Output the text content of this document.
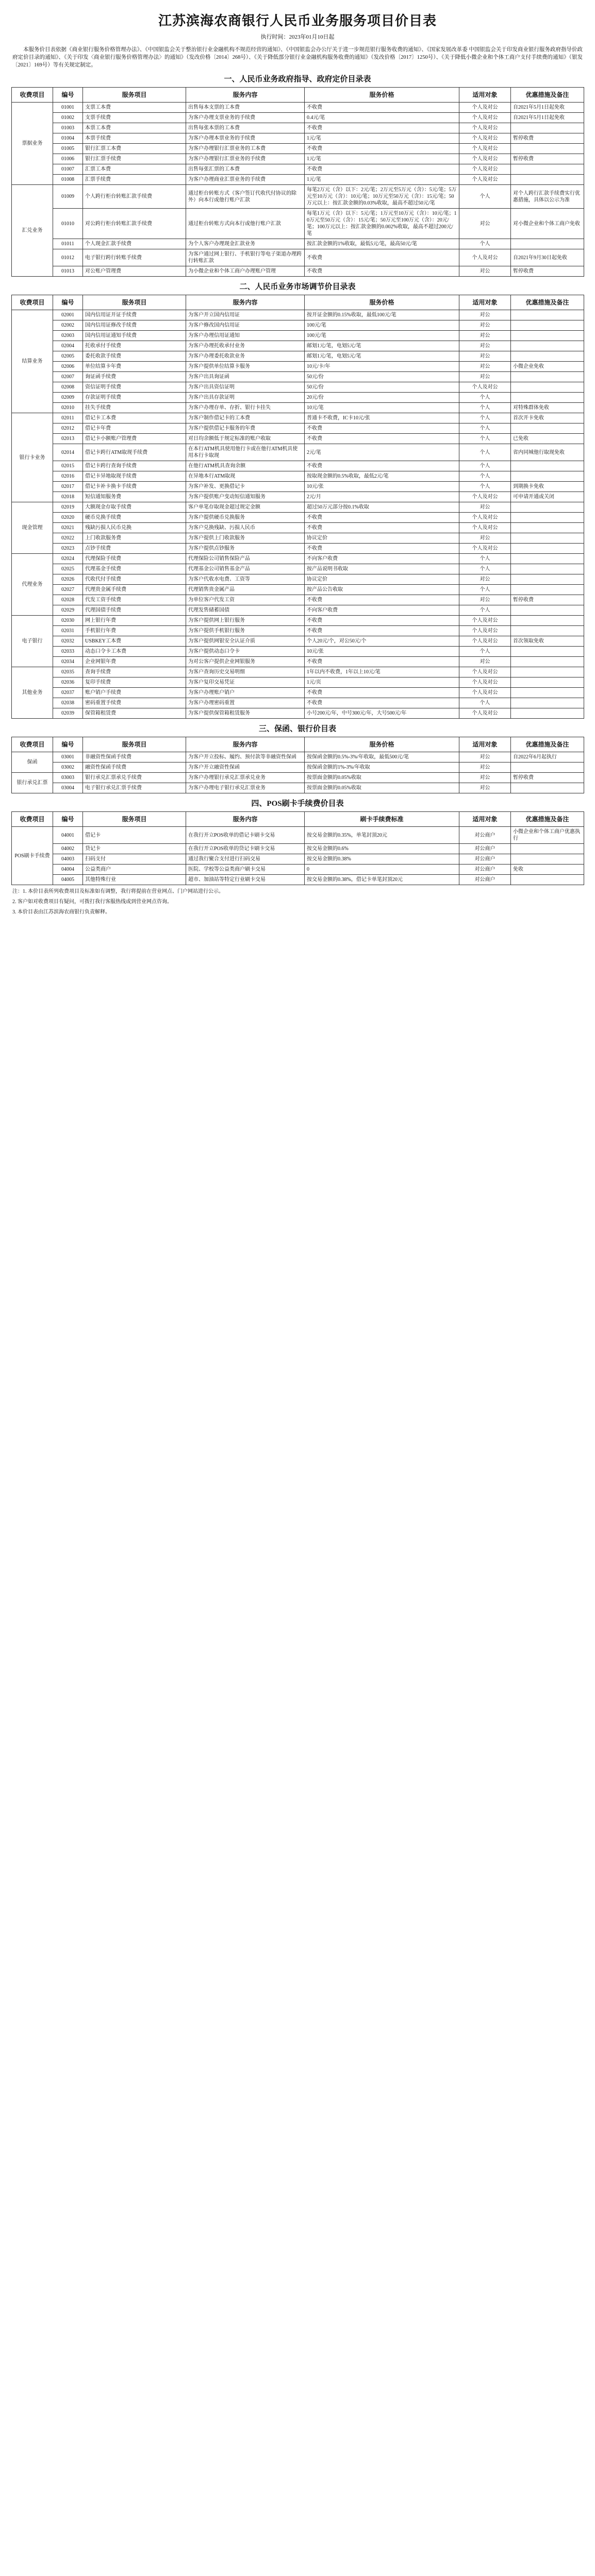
江苏滨海农商银行人民币业务服务项目价目表
执行时间：2023年01月10日起
本服务价目表依据《商业银行服务价格管理办法》、《中国银监会关于整治银行业金融机构不规范经营的通知》、《中国银监会办公厅关于进一步规范银行服务收费的通知》、《国家发展改革委 中国银监会关于印发商业银行服务政府指导价政府定价目录的通知》、《关于印发〈商业银行服务价格管理办法〉的通知》（发改价格〔2014〕268号）、《关于降低部分银行业金融机构服务收费的通知》（发改价格〔2017〕1250号）、《关于降低小微企业和个体工商户支付手续费的通知》（银发〔2021〕169号）等有关规定制定。
一、人民币业务政府指导、政府定价目录表
收费项目	编号	服务项目	服务内容	服务价格	适用对象	优惠措施及备注
票据业务	01001	支票工本费	出售每本支票的工本费	不收费	个人及对公	自2021年5月1日起免收
	01002	支票手续费	为客户办理支票业务的手续费	0.4元/笔	个人及对公	自2021年5月1日起免收
	01003	本票工本费	出售每张本票的工本费	不收费	个人及对公	
	01004	本票手续费	为客户办理本票业务的手续费	1元/笔	个人及对公	暂停收费
	01005	银行汇票工本费	为客户办理银行汇票业务的工本费	不收费	个人及对公	
	01006	银行汇票手续费	为客户办理银行汇票业务的手续费	1元/笔	个人及对公	暂停收费
	01007	汇票工本费	出售每张汇票的工本费	不收费	个人及对公	
	01008	汇票手续费	为客户办理商业汇票业务的手续费	1元/笔	个人及对公	
汇兑业务	01009	个人跨行柜台转账汇款手续费	通过柜台转账方式（客户签订代收代付协议的除外）向本行或他行账户汇款	每笔2万元（含）以下：2元/笔；2万元至5万元（含）：5元/笔；5万元至10万元（含）：10元/笔；10万元至50万元（含）：15元/笔；50万元以上：按汇款金额的0.03%收取，最高不超过50元/笔	个人	对个人跨行汇款手续费实行优惠措施，具体以公示为准
	01010	对公跨行柜台转账汇款手续费	通过柜台转账方式向本行或他行账户汇款	每笔1万元（含）以下：5元/笔；1万元至10万元（含）：10元/笔；10万元至50万元（含）：15元/笔；50万元至100万元（含）：20元/笔；100万元以上：按汇款金额的0.002%收取，最高不超过200元/笔	对公	对小微企业和个体工商户免收
	01011	个人现金汇款手续费	为个人客户办理现金汇款业务	按汇款金额的1%收取，最低5元/笔，最高50元/笔	个人	
	01012	电子银行跨行转账手续费	为客户通过网上银行、手机银行等电子渠道办理跨行转账汇款	不收费	个人及对公	自2021年9月30日起免收
	01013	对公账户管理费	为小微企业和个体工商户办理账户管理	不收费	对公	暂停收费
二、人民币业务市场调节价目录表
收费项目	编号	服务项目	服务内容	服务价格	适用对象	优惠措施及备注
结算业务	02001	国内信用证开证手续费	为客户开立国内信用证	按开证金额的0.15%收取，最低100元/笔	对公	
	02002	国内信用证修改手续费	为客户修改国内信用证	100元/笔	对公	
	02003	国内信用证通知手续费	为客户办理信用证通知	100元/笔	对公	
	02004	托收承付手续费	为客户办理托收承付业务	邮划1元/笔，电划5元/笔	对公	
	02005	委托收款手续费	为客户办理委托收款业务	邮划1元/笔，电划5元/笔	对公	
	02006	单位结算卡年费	为客户提供单位结算卡服务	10元/卡/年	对公	小微企业免收
	02007	询证函手续费	为客户出具询证函	50元/份	对公	
	02008	资信证明手续费	为客户出具资信证明	50元/份	个人及对公	
	02009	存款证明手续费	为客户出具存款证明	20元/份	个人	
	02010	挂失手续费	为客户办理存单、存折、银行卡挂失	10元/笔	个人	对特殊群体免收
银行卡业务	02011	借记卡工本费	为客户制作借记卡的工本费	普通卡不收费，IC卡10元/张	个人	首次开卡免收
	02012	借记卡年费	为客户提供借记卡服务的年费	不收费	个人	
	02013	借记卡小额账户管理费	对日均余额低于规定标准的账户收取	不收费	个人	已免收
	02014	借记卡跨行ATM取现手续费	在本行ATM机具使用他行卡或在他行ATM机具使用本行卡取现	2元/笔	个人	省内同城他行取现免收
	02015	借记卡跨行查询手续费	在他行ATM机具查询余额	不收费	个人	
	02016	借记卡异地取现手续费	在异地本行ATM取现	按取现金额的0.5%收取，最低2元/笔	个人	
	02017	借记卡补卡换卡手续费	为客户补发、更换借记卡	10元/张	个人	到期换卡免收
	02018	短信通知服务费	为客户提供账户变动短信通知服务	2元/月	个人及对公	可申请开通或关闭
现金管理	02019	大额现金存取手续费	客户单笔存取现金超过规定金额	超过50万元部分按0.1%收取	对公	
	02020	硬币兑换手续费	为客户提供硬币兑换服务	不收费	个人及对公	
	02021	残缺污损人民币兑换	为客户兑换残缺、污损人民币	不收费	个人及对公	
	02022	上门收款服务费	为客户提供上门收款服务	协议定价	对公	
	02023	点钞手续费	为客户提供点钞服务	不收费	个人及对公	
代理业务	02024	代理保险手续费	代理保险公司销售保险产品	不向客户收费	个人	
	02025	代理基金手续费	代理基金公司销售基金产品	按产品说明书收取	个人	
	02026	代收代付手续费	为客户代收水电费、工资等	协议定价	对公	
	02027	代理贵金属手续费	代理销售贵金属产品	按产品公告收取	个人	
	02028	代发工资手续费	为单位客户代发工资	不收费	对公	暂停收费
	02029	代理国债手续费	代理发售储蓄国债	不向客户收费	个人	
电子银行	02030	网上银行年费	为客户提供网上银行服务	不收费	个人及对公	
	02031	手机银行年费	为客户提供手机银行服务	不收费	个人及对公	
	02032	USBKEY工本费	为客户提供网银安全认证介质	个人20元/个，对公50元/个	个人及对公	首次领取免收
	02033	动态口令卡工本费	为客户提供动态口令卡	10元/张	个人	
	02034	企业网银年费	为对公客户提供企业网银服务	不收费	对公	
其他业务	02035	查询手续费	为客户查询历史交易明细	1年以内不收费，1年以上10元/笔	个人及对公	
	02036	复印手续费	为客户复印交易凭证	1元/页	个人及对公	
	02037	账户销户手续费	为客户办理账户销户	不收费	个人及对公	
	02038	密码重置手续费	为客户办理密码重置	不收费	个人	
	02039	保管箱租赁费	为客户提供保管箱租赁服务	小号200元/年，中号300元/年，大号500元/年	个人及对公	
三、保函、银行价目表
收费项目	编号	服务项目	服务内容	服务价格	适用对象	优惠措施及备注
保函	03001	非融资性保函手续费	为客户开立投标、履约、预付款等非融资性保函	按保函金额的0.5%-3%/年收取，最低500元/笔	对公	自2022年6月起执行
	03002	融资性保函手续费	为客户开立融资性保函	按保函金额的1%-3%/年收取	对公	
银行承兑汇票	03003	银行承兑汇票承兑手续费	为客户办理银行承兑汇票承兑业务	按票面金额的0.05%收取	对公	暂停收费
	03004	电子银行承兑汇票手续费	为客户办理电子银行承兑汇票业务	按票面金额的0.05%收取	对公	
四、POS刷卡手续费价目表
收费项目	编号	服务项目	服务内容	刷卡手续费标准	适用对象	优惠措施及备注
POS刷卡手续费	04001	借记卡	在我行开立POS收单的借记卡刷卡交易	按交易金额的0.35%，单笔封顶20元	对公商户	小微企业和个体工商户优惠执行
	04002	贷记卡	在我行开立POS收单的贷记卡刷卡交易	按交易金额的0.6%	对公商户	
	04003	扫码支付	通过我行聚合支付进行扫码交易	按交易金额的0.38%	对公商户	
	04004	公益类商户	医院、学校等公益类商户刷卡交易	0	对公商户	免收
	04005	其他特殊行业	超市、加油站等特定行业刷卡交易	按交易金额的0.38%，借记卡单笔封顶20元	对公商户	
注：1. 本价目表所列收费项目及标准如有调整，我行将提前在营业网点、门户网站进行公示。
2. 客户如对收费项目有疑问，可拨打我行客服热线或到营业网点咨询。
3. 本价目表由江苏滨海农商银行负责解释。
